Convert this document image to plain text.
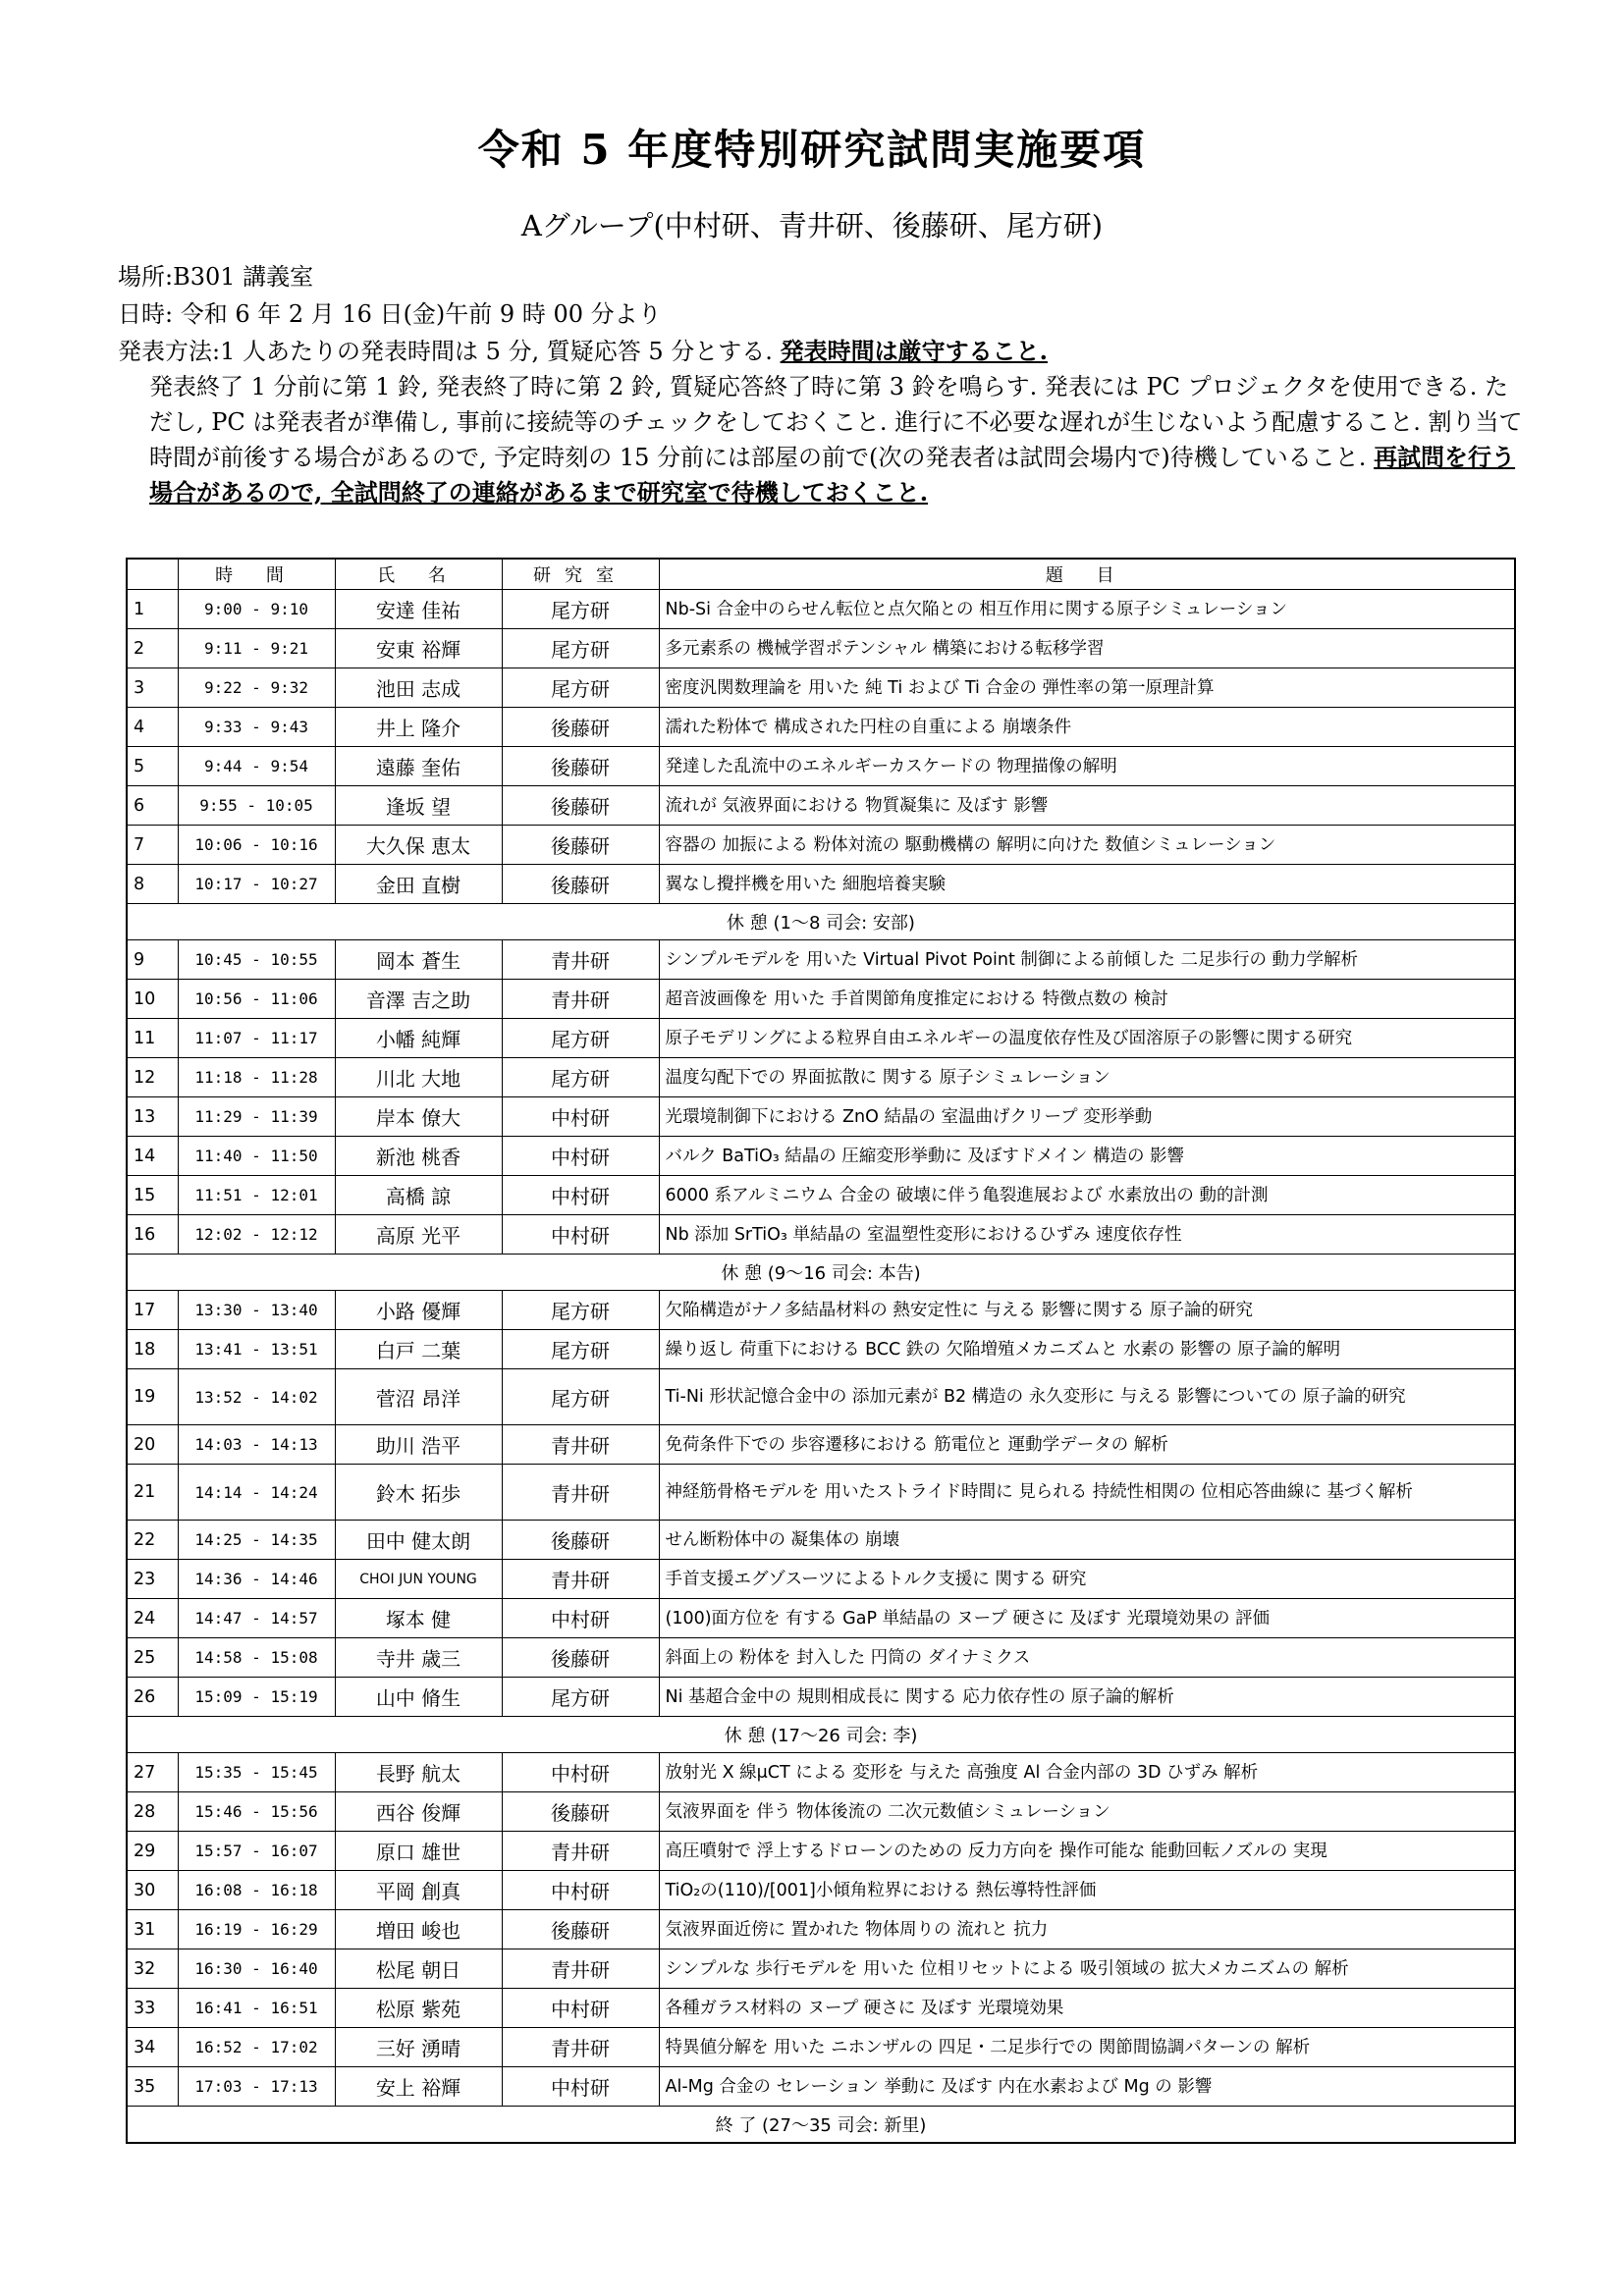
令和 5 年度特別研究試問実施要項
Aグループ(中村研、青井研、後藤研、尾方研)
場所:B301 講義室
日時: 令和 6 年 2 月 16 日(金)午前 9 時 00 分より
発表方法:1 人あたりの発表時間は 5 分, 質疑応答 5 分とする. 発表時間は厳守すること.
発表終了 1 分前に第 1 鈴, 発表終了時に第 2 鈴, 質疑応答終了時に第 3 鈴を鳴らす. 発表には PC プロジェクタを使用できる. ただし, PC は発表者が準備し, 事前に接続等のチェックをしておくこと. 進行に不必要な遅れが生じないよう配慮すること. 割り当て時間が前後する場合があるので, 予定時刻の 15 分前には部屋の前で(次の発表者は試問会場内で)待機していること. 再試問を行う場合があるので, 全試問終了の連絡があるまで研究室で待機しておくこと.
	時 間	氏 名	研究室	題 目
1	9:00 - 9:10	安達 佳祐	尾方研	Nb-Si 合金中のらせん転位と点欠陥との 相互作用に関する原子シミュレーション
2	9:11 - 9:21	安東 裕輝	尾方研	多元素系の 機械学習ポテンシャル 構築における転移学習
3	9:22 - 9:32	池田 志成	尾方研	密度汎関数理論を 用いた 純 Ti および Ti 合金の 弾性率の第一原理計算
4	9:33 - 9:43	井上 隆介	後藤研	濡れた粉体で 構成された円柱の自重による 崩壊条件
5	9:44 - 9:54	遠藤 奎佑	後藤研	発達した乱流中のエネルギーカスケードの 物理描像の解明
6	9:55 - 10:05	逢坂 望	後藤研	流れが 気液界面における 物質凝集に 及ぼす 影響
7	10:06 - 10:16	大久保 恵太	後藤研	容器の 加振による 粉体対流の 駆動機構の 解明に向けた 数値シミュレーション
8	10:17 - 10:27	金田 直樹	後藤研	翼なし攪拌機を用いた 細胞培養実験
休 憩 (1〜8 司会: 安部)				
9	10:45 - 10:55	岡本 蒼生	青井研	シンプルモデルを 用いた Virtual Pivot Point 制御による前傾した 二足歩行の 動力学解析
10	10:56 - 11:06	音澤 吉之助	青井研	超音波画像を 用いた 手首関節角度推定における 特徴点数の 検討
11	11:07 - 11:17	小幡 純輝	尾方研	原子モデリングによる粒界自由エネルギーの温度依存性及び固溶原子の影響に関する研究
12	11:18 - 11:28	川北 大地	尾方研	温度勾配下での 界面拡散に 関する 原子シミュレーション
13	11:29 - 11:39	岸本 僚大	中村研	光環境制御下における ZnO 結晶の 室温曲げクリープ 変形挙動
14	11:40 - 11:50	新池 桃香	中村研	バルク BaTiO₃ 結晶の 圧縮変形挙動に 及ぼすドメイン 構造の 影響
15	11:51 - 12:01	高橋 諒	中村研	6000 系アルミニウム 合金の 破壊に伴う亀裂進展および 水素放出の 動的計測
16	12:02 - 12:12	高原 光平	中村研	Nb 添加 SrTiO₃ 単結晶の 室温塑性変形におけるひずみ 速度依存性
休 憩 (9〜16 司会: 本告)				
17	13:30 - 13:40	小路 優輝	尾方研	欠陥構造がナノ多結晶材料の 熱安定性に 与える 影響に関する 原子論的研究
18	13:41 - 13:51	白戸 二葉	尾方研	繰り返し 荷重下における BCC 鉄の 欠陥増殖メカニズムと 水素の 影響の 原子論的解明
19	13:52 - 14:02	菅沼 昂洋	尾方研	Ti-Ni 形状記憶合金中の 添加元素が B2 構造の 永久変形に 与える 影響についての 原子論的研究
20	14:03 - 14:13	助川 浩平	青井研	免荷条件下での 歩容遷移における 筋電位と 運動学データの 解析
21	14:14 - 14:24	鈴木 拓歩	青井研	神経筋骨格モデルを 用いたストライド時間に 見られる 持続性相関の 位相応答曲線に 基づく解析
22	14:25 - 14:35	田中 健太朗	後藤研	せん断粉体中の 凝集体の 崩壊
23	14:36 - 14:46	CHOI JUN YOUNG	青井研	手首支援エグゾスーツによるトルク支援に 関する 研究
24	14:47 - 14:57	塚本 健	中村研	(100)面方位を 有する GaP 単結晶の ヌープ 硬さに 及ぼす 光環境効果の 評価
25	14:58 - 15:08	寺井 歳三	後藤研	斜面上の 粉体を 封入した 円筒の ダイナミクス
26	15:09 - 15:19	山中 脩生	尾方研	Ni 基超合金中の 規則相成長に 関する 応力依存性の 原子論的解析
休 憩 (17〜26 司会: 李)				
27	15:35 - 15:45	長野 航太	中村研	放射光 X 線μCT による 変形を 与えた 高強度 Al 合金内部の 3D ひずみ 解析
28	15:46 - 15:56	西谷 俊輝	後藤研	気液界面を 伴う 物体後流の 二次元数値シミュレーション
29	15:57 - 16:07	原口 雄世	青井研	高圧噴射で 浮上するドローンのための 反力方向を 操作可能な 能動回転ノズルの 実現
30	16:08 - 16:18	平岡 創真	中村研	TiO₂の(110)/[001]小傾角粒界における 熱伝導特性評価
31	16:19 - 16:29	増田 峻也	後藤研	気液界面近傍に 置かれた 物体周りの 流れと 抗力
32	16:30 - 16:40	松尾 朝日	青井研	シンプルな 歩行モデルを 用いた 位相リセットによる 吸引領域の 拡大メカニズムの 解析
33	16:41 - 16:51	松原 紫苑	中村研	各種ガラス材料の ヌープ 硬さに 及ぼす 光環境効果
34	16:52 - 17:02	三好 湧晴	青井研	特異値分解を 用いた ニホンザルの 四足・二足歩行での 関節間協調パターンの 解析
35	17:03 - 17:13	安上 裕輝	中村研	Al-Mg 合金の セレーション 挙動に 及ぼす 内在水素および Mg の 影響
終 了 (27〜35 司会: 新里)				
